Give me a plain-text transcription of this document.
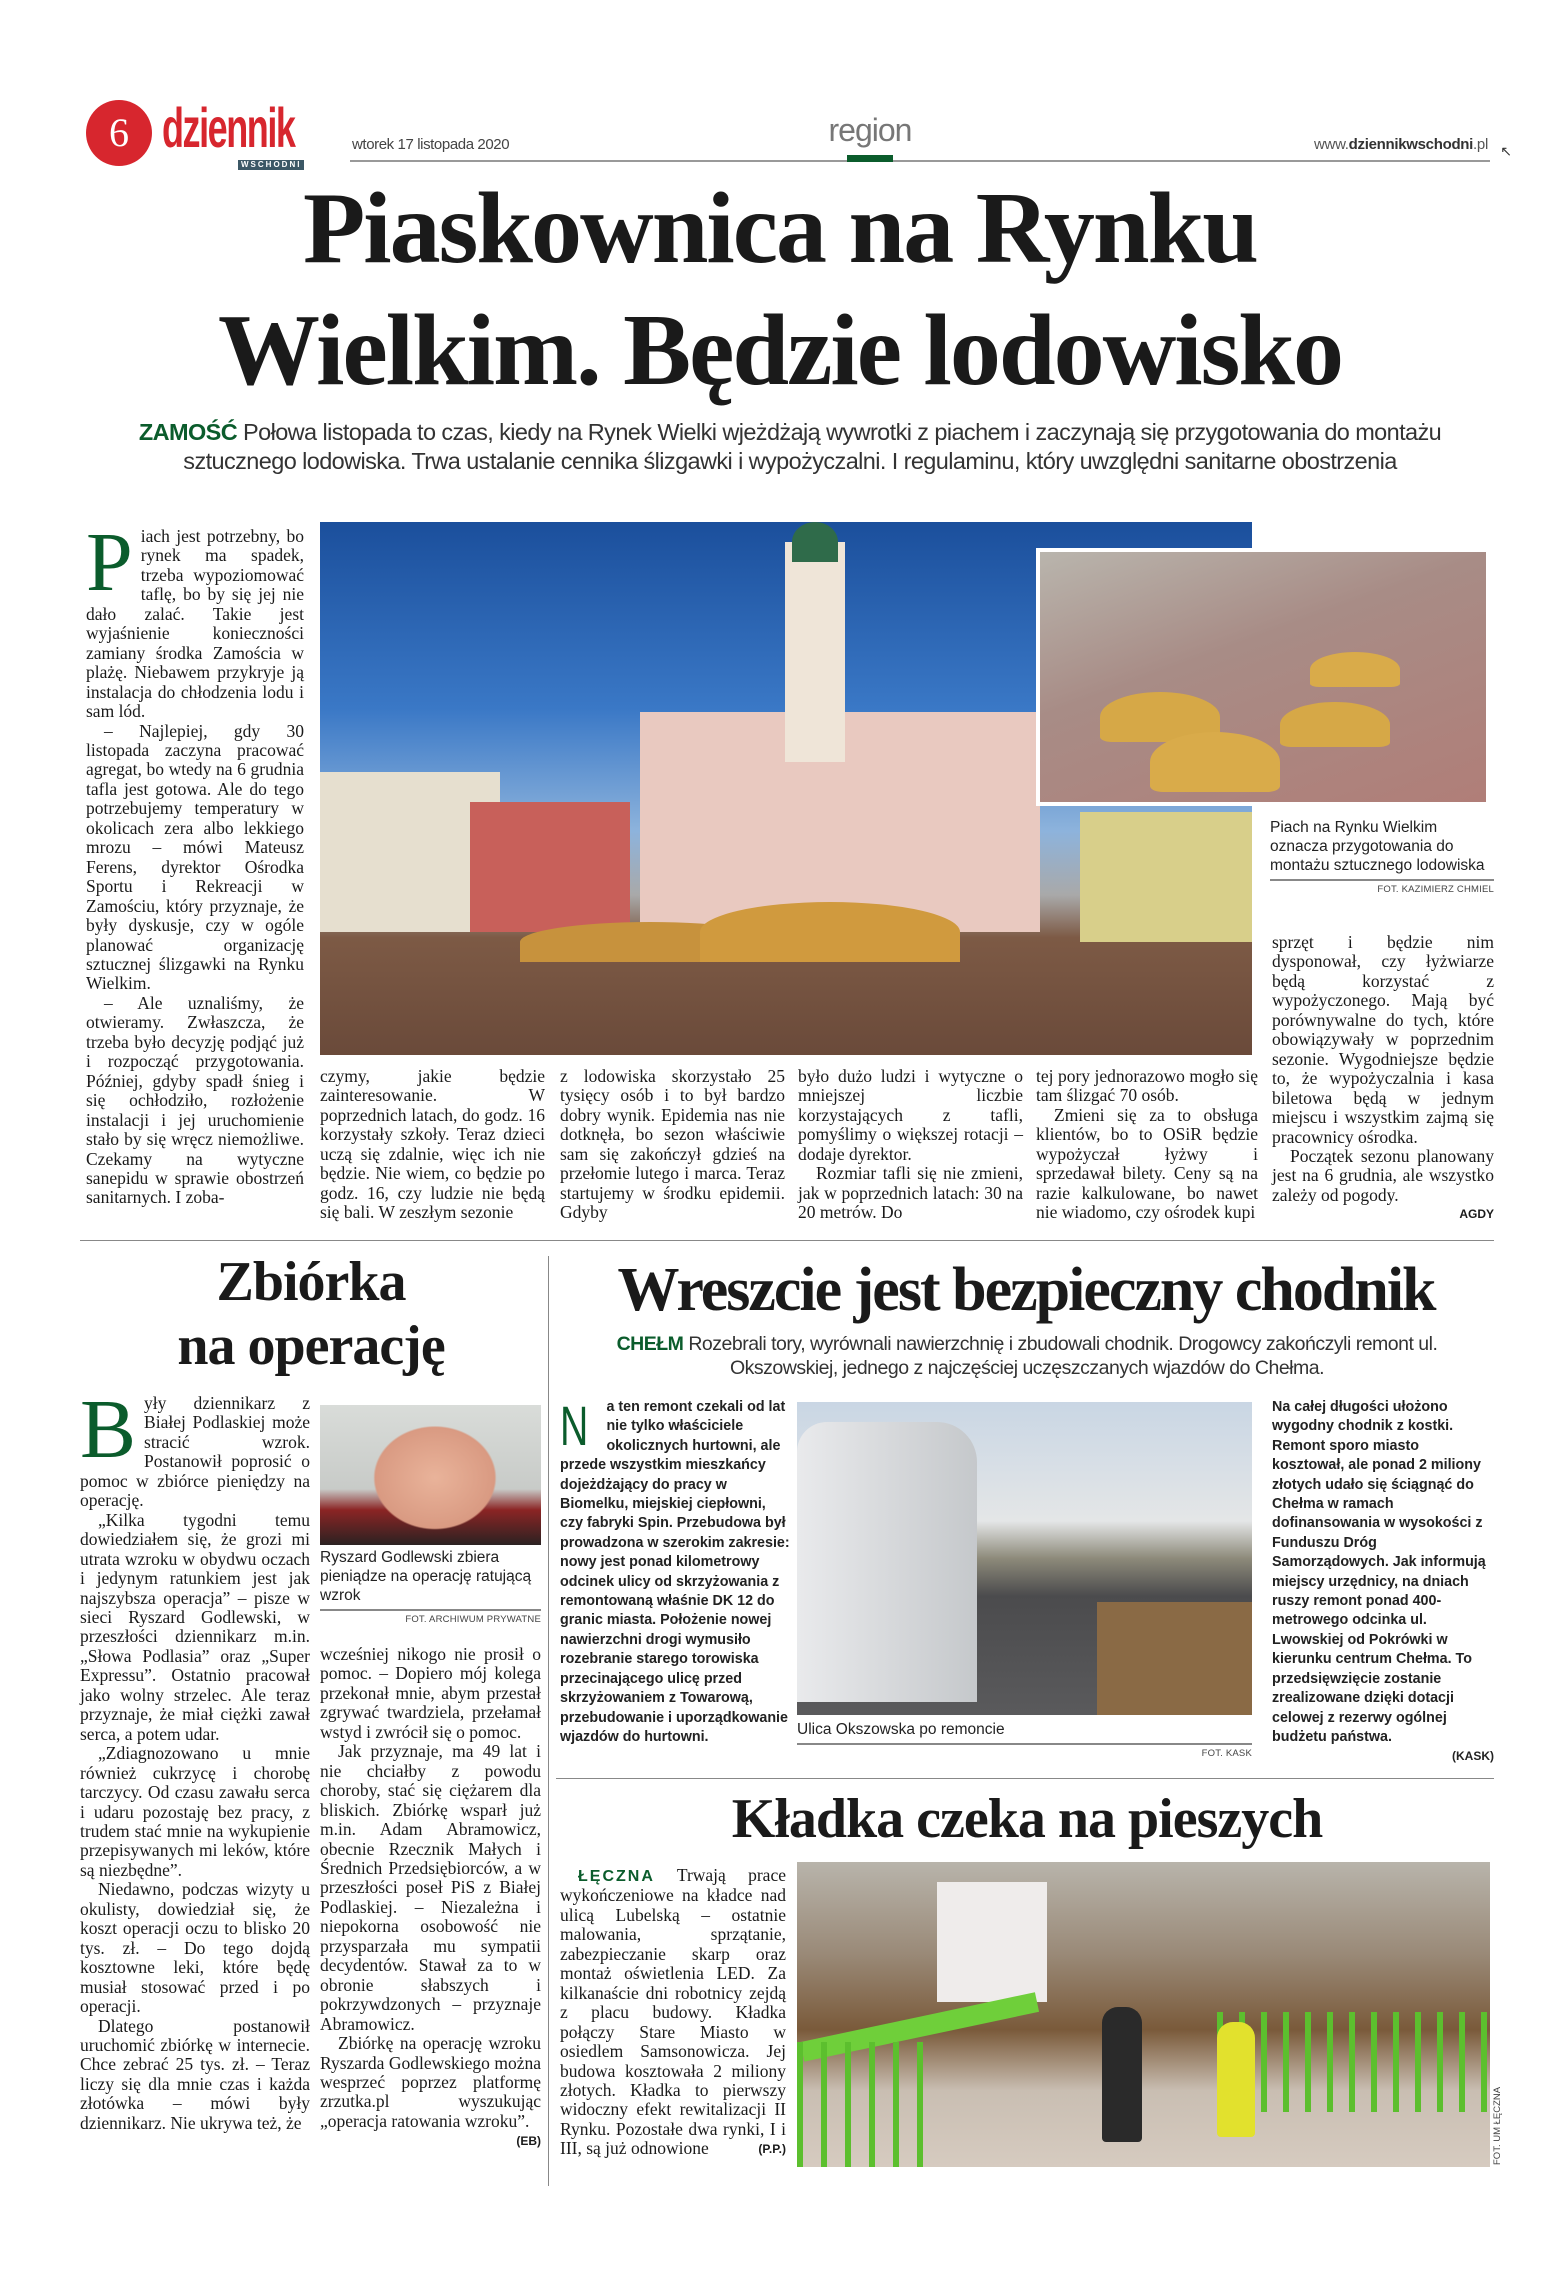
6 dziennik
WSCHODNI
wtorek 17 listopada 2020	region	www.dziennikwschodni.pl ↖
Piaskownica na Rynku
Wielkim. Będzie lodowisko
ZAMOŚĆ Połowa listopada to czas, kiedy na Rynek Wielki wjeżdżają wywrotki z piachem i zaczynają się przygotowania do montażu sztucznego lodowiska. Trwa ustalanie cennika ślizgawki i wypożyczalni. I regulaminu, który uwzględni sanitarne obostrzenia

Piach jest potrzebny, bo rynek ma spadek, trzeba wypoziomować taflę, bo by się jej nie dało zalać. Takie jest wyjaśnienie konieczności zamiany środka Zamościa w plażę. Niebawem przykryje ją instalacja do chłodzenia lodu i sam lód.

– Najlepiej, gdy 30 listopada zaczyna pracować agregat, bo wtedy na 6 grudnia tafla jest gotowa. Ale do tego potrzebujemy temperatury w okolicach zera albo lekkiego mrozu – mówi Mateusz Ferens, dyrektor Ośrodka Sportu i Rekreacji w Zamościu, który przyznaje, że były dyskusje, czy w ogóle planować organizację sztucznej ślizgawki na Rynku Wielkim.

– Ale uznaliśmy, że otwieramy. Zwłaszcza, że trzeba było decyzję podjąć już i rozpocząć przygotowania. Później, gdyby spadł śnieg i się ochłodziło, rozłożenie instalacji i jej uruchomienie stało by się wręcz niemożliwe. Czekamy na wytyczne sanepidu w sprawie obostrzeń sanitarnych. I zoba-

Piach na Rynku Wielkim oznacza przygotowania do montażu sztucznego lodowiska
FOT. KAZIMIERZ CHMIEL

czymy, jakie będzie zainteresowanie. W poprzednich latach, do godz. 16 korzystały szkoły. Teraz dzieci uczą się zdalnie, więc ich nie będzie. Nie wiem, co będzie po godz. 16, czy ludzie nie będą się bali. W zeszłym sezonie

z lodowiska skorzystało 25 tysięcy osób i to był bardzo dobry wynik. Epidemia nas nie dotknęła, bo sezon właściwie sam się zakończył gdzieś na przełomie lutego i marca. Teraz startujemy w środku epidemii. Gdyby

było dużo ludzi i wytyczne o mniejszej liczbie korzystających z tafli, pomyślimy o większej rotacji – dodaje dyrektor.

Rozmiar tafli się nie zmieni, jak w poprzednich latach: 30 na 20 metrów. Do

tej pory jednorazowo mogło się tam ślizgać 70 osób.

Zmieni się za to obsługa klientów, bo to OSiR będzie wypożyczał łyżwy i sprzedawał bilety. Ceny są na razie kalkulowane, bo nawet nie wiadomo, czy ośrodek kupi

sprzęt i będzie nim dysponował, czy łyżwiarze będą korzystać z wypożyczonego. Mają być porównywalne do tych, które obowiązywały w poprzednim sezonie. Wygodniejsze będzie to, że wypożyczalnia i kasa biletowa będą w jednym miejscu i wszystkim zajmą się pracownicy ośrodka.

Początek sezonu planowany jest na 6 grudnia, ale wszystko zależy od pogody.
AGDY

Zbiórka
na operację

Były dziennikarz z Białej Podlaskiej może stracić wzrok. Postanowił poprosić o pomoc w zbiórce pieniędzy na operację.

„Kilka tygodni temu dowiedziałem się, że grozi mi utrata wzroku w obydwu oczach i jedynym ratunkiem jest jak najszybsza operacja” – pisze w sieci Ryszard Godlewski, w przeszłości dziennikarz m.in. „Słowa Podlasia” oraz „Super Expressu”. Ostatnio pracował jako wolny strzelec. Ale teraz przyznaje, że miał ciężki zawał serca, a potem udar.

„Zdiagnozowano u mnie również cukrzycę i chorobę tarczycy. Od czasu zawału serca i udaru pozostaję bez pracy, z trudem stać mnie na wykupienie przepisywanych mi leków, które są niezbędne”.

Niedawno, podczas wizyty u okulisty, dowiedział się, że koszt operacji oczu to blisko 20 tys. zł. – Do tego dojdą kosztowne leki, które będę musiał stosować przed i po operacji.

Dlatego postanowił uruchomić zbiórkę w internecie. Chce zebrać 25 tys. zł. – Teraz liczy się dla mnie czas i każda złotówka – mówi były dziennikarz. Nie ukrywa też, że

Ryszard Godlewski zbiera pieniądze na operację ratującą wzrok
FOT. ARCHIWUM PRYWATNE

wcześniej nikogo nie prosił o pomoc. – Dopiero mój kolega przekonał mnie, abym przestał zgrywać twardziela, przełamał wstyd i zwrócił się o pomoc.

Jak przyznaje, ma 49 lat i nie chciałby z powodu choroby, stać się ciężarem dla bliskich. Zbiórkę wsparł już m.in. Adam Abramowicz, obecnie Rzecznik Małych i Średnich Przedsiębiorców, a w przeszłości poseł PiS z Białej Podlaskiej. – Niezależna i niepokorna osobowość nie przysparzała mu sympatii decydentów. Stawał za to w obronie słabszych i pokrzywdzonych – przyznaje Abramowicz.

Zbiórkę na operację wzroku Ryszarda Godlewskiego można wesprzeć poprzez platformę zrzutka.pl wyszukując „operacja ratowania wzroku”.
(EB)

Wreszcie jest bezpieczny chodnik
CHEŁM Rozebrali tory, wyrównali nawierzchnię i zbudowali chodnik. Drogowcy zakończyli remont ul. Okszowskiej, jednego z najczęściej uczęszczanych wjazdów do Chełma.

N a ten remont czekali od lat nie tylko właściciele okolicznych hurtowni, ale przede wszystkim mieszkańcy dojeżdżający do pracy w Biomelku, miejskiej ciepłowni, czy fabryki Spin. Przebudowa był prowadzona w szerokim zakresie: nowy jest ponad kilometrowy odcinek ulicy od skrzyżowania z remontowaną właśnie DK 12 do granic miasta. Położenie nowej nawierzchni drogi wymusiło rozebranie starego torowiska przecinającego ulicę przed skrzyżowaniem z Towarową, przebudowanie i uporządkowanie wjazdów do hurtowni.	Ulica Okszowska po remoncie
FOT. KASK

Na całej długości ułożono wygodny chodnik z kostki. Remont sporo miasto kosztował, ale ponad 2 miliony złotych udało się ściągnąć do Chełma w ramach dofinansowania w wysokości z Funduszu Dróg Samorządowych. Jak informują miejscy urzędnicy, na dniach ruszy remont ponad 400-metrowego odcinka ul. Lwowskiej od Pokrówki w kierunku centrum Chełma. To przedsięwzięcie zostanie zrealizowane dzięki dotacji celowej z rezerwy ogólnej budżetu państwa.
(KASK)

Kładka czeka na pieszych

ŁĘCZNA Trwają prace wykończeniowe na kładce nad ulicą Lubelską – ostatnie malowania, sprzątanie, zabezpieczanie skarp oraz montaż oświetlenia LED. Za kilkanaście dni robotnicy zejdą z placu budowy. Kładka połączy Stare Miasto w osiedlem Samsonowicza. Jej budowa kosztowała 2 miliony złotych. Kładka to pierwszy widoczny efekt rewitalizacji II Rynku. Pozostałe dwa rynki, I i III, są już odnowione	(P.P.)	FOT. UM ŁĘCZNA
